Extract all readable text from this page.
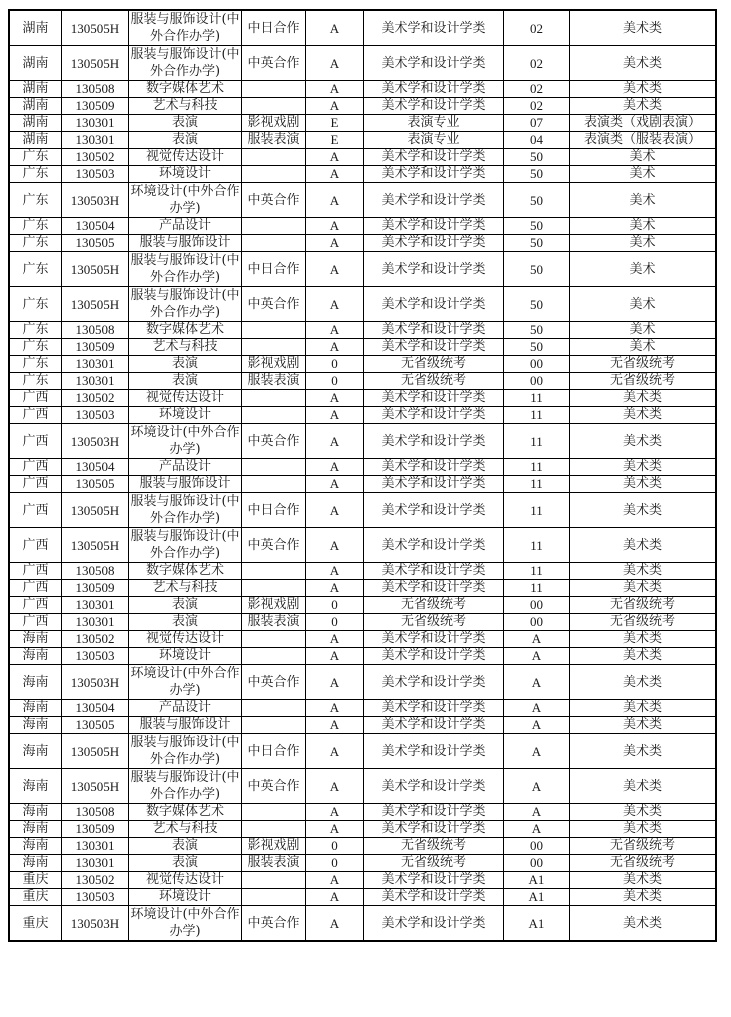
湖南	130505H	服装与服饰设计(中外合作办学)	中日合作	A	美术学和设计学类	02	美术类
湖南	130505H	服装与服饰设计(中外合作办学)	中英合作	A	美术学和设计学类	02	美术类
湖南	130508	数字媒体艺术		A	美术学和设计学类	02	美术类
湖南	130509	艺术与科技		A	美术学和设计学类	02	美术类
湖南	130301	表演	影视戏剧	E	表演专业	07	表演类（戏剧表演）
湖南	130301	表演	服装表演	E	表演专业	04	表演类（服装表演）
广东	130502	视觉传达设计		A	美术学和设计学类	50	美术
广东	130503	环境设计		A	美术学和设计学类	50	美术
广东	130503H	环境设计(中外合作办学)	中英合作	A	美术学和设计学类	50	美术
广东	130504	产品设计		A	美术学和设计学类	50	美术
广东	130505	服装与服饰设计		A	美术学和设计学类	50	美术
广东	130505H	服装与服饰设计(中外合作办学)	中日合作	A	美术学和设计学类	50	美术
广东	130505H	服装与服饰设计(中外合作办学)	中英合作	A	美术学和设计学类	50	美术
广东	130508	数字媒体艺术		A	美术学和设计学类	50	美术
广东	130509	艺术与科技		A	美术学和设计学类	50	美术
广东	130301	表演	影视戏剧	0	无省级统考	00	无省级统考
广东	130301	表演	服装表演	0	无省级统考	00	无省级统考
广西	130502	视觉传达设计		A	美术学和设计学类	11	美术类
广西	130503	环境设计		A	美术学和设计学类	11	美术类
广西	130503H	环境设计(中外合作办学)	中英合作	A	美术学和设计学类	11	美术类
广西	130504	产品设计		A	美术学和设计学类	11	美术类
广西	130505	服装与服饰设计		A	美术学和设计学类	11	美术类
广西	130505H	服装与服饰设计(中外合作办学)	中日合作	A	美术学和设计学类	11	美术类
广西	130505H	服装与服饰设计(中外合作办学)	中英合作	A	美术学和设计学类	11	美术类
广西	130508	数字媒体艺术		A	美术学和设计学类	11	美术类
广西	130509	艺术与科技		A	美术学和设计学类	11	美术类
广西	130301	表演	影视戏剧	0	无省级统考	00	无省级统考
广西	130301	表演	服装表演	0	无省级统考	00	无省级统考
海南	130502	视觉传达设计		A	美术学和设计学类	A	美术类
海南	130503	环境设计		A	美术学和设计学类	A	美术类
海南	130503H	环境设计(中外合作办学)	中英合作	A	美术学和设计学类	A	美术类
海南	130504	产品设计		A	美术学和设计学类	A	美术类
海南	130505	服装与服饰设计		A	美术学和设计学类	A	美术类
海南	130505H	服装与服饰设计(中外合作办学)	中日合作	A	美术学和设计学类	A	美术类
海南	130505H	服装与服饰设计(中外合作办学)	中英合作	A	美术学和设计学类	A	美术类
海南	130508	数字媒体艺术		A	美术学和设计学类	A	美术类
海南	130509	艺术与科技		A	美术学和设计学类	A	美术类
海南	130301	表演	影视戏剧	0	无省级统考	00	无省级统考
海南	130301	表演	服装表演	0	无省级统考	00	无省级统考
重庆	130502	视觉传达设计		A	美术学和设计学类	A1	美术类
重庆	130503	环境设计		A	美术学和设计学类	A1	美术类
重庆	130503H	环境设计(中外合作办学)	中英合作	A	美术学和设计学类	A1	美术类
